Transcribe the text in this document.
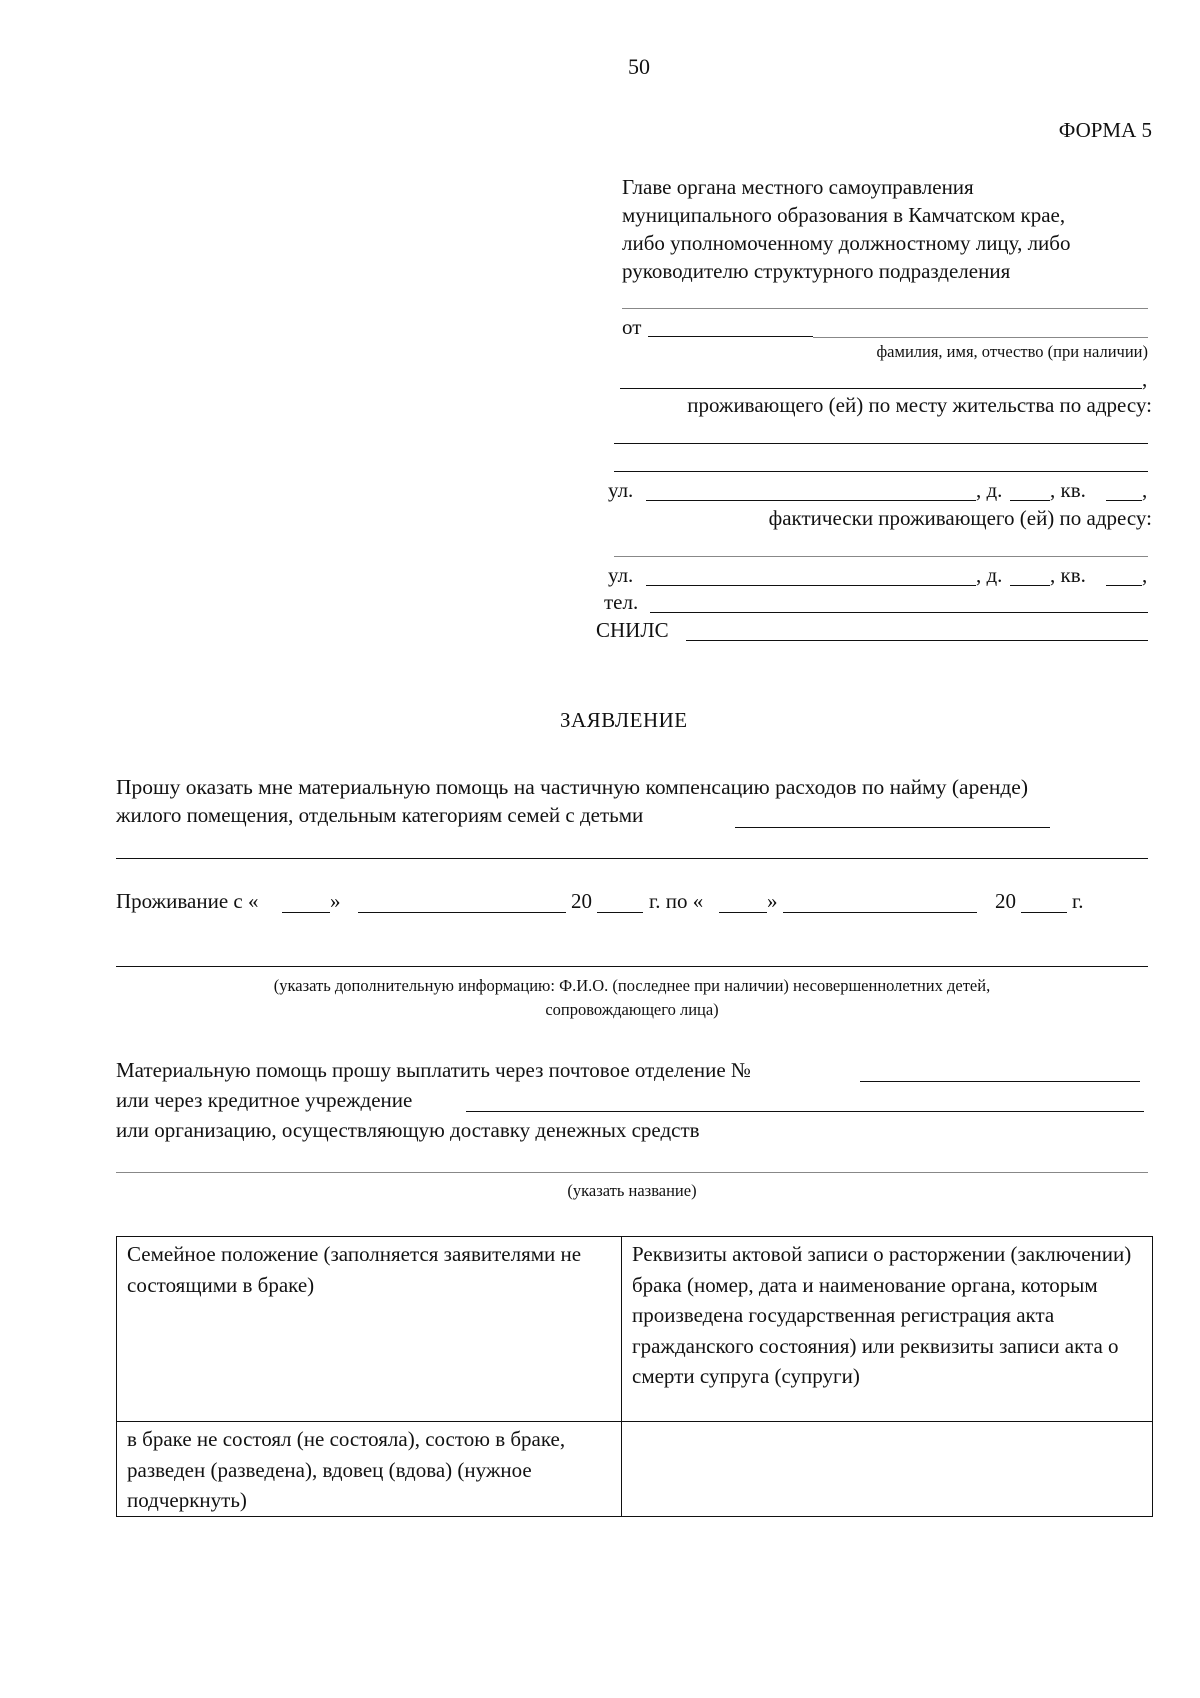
50
ФОРМА 5
Главе органа местного самоуправления
муниципального образования в Камчатском крае,
либо уполномоченному должностному лицу, либо
руководителю структурного подразделения
от
фамилия, имя, отчество (при наличии)
,
проживающего (ей) по месту жительства по адресу:
ул.	, д. , кв.	,
фактически проживающего (ей) по адресу:
ул.	, д. , кв.	,
тел.
СНИЛС
ЗАЯВЛЕНИЕ
Прошу оказать мне материальную помощь на частичную компенсацию расходов по найму (аренде)
жилого помещения, отдельным категориям семей с детьми
Проживание с «	»	20	г. по «	»	20	г.
(указать дополнительную информацию: Ф.И.О. (последнее при наличии) несовершеннолетних детей,
сопровождающего лица)
Материальную помощь прошу выплатить через почтовое отделение №
или через кредитное учреждение
или организацию, осуществляющую доставку денежных средств
(указать название)
Семейное положение (заполняется заявителями не состоящими в браке)	Реквизиты актовой записи о расторжении (заключении) брака (номер, дата и наименование органа, которым произведена государственная регистрация акта гражданского состояния) или реквизиты записи акта о смерти супруга (супруги)
в браке не состоял (не состояла), состою в браке, разведен (разведена), вдовец (вдова) (нужное подчеркнуть)	
